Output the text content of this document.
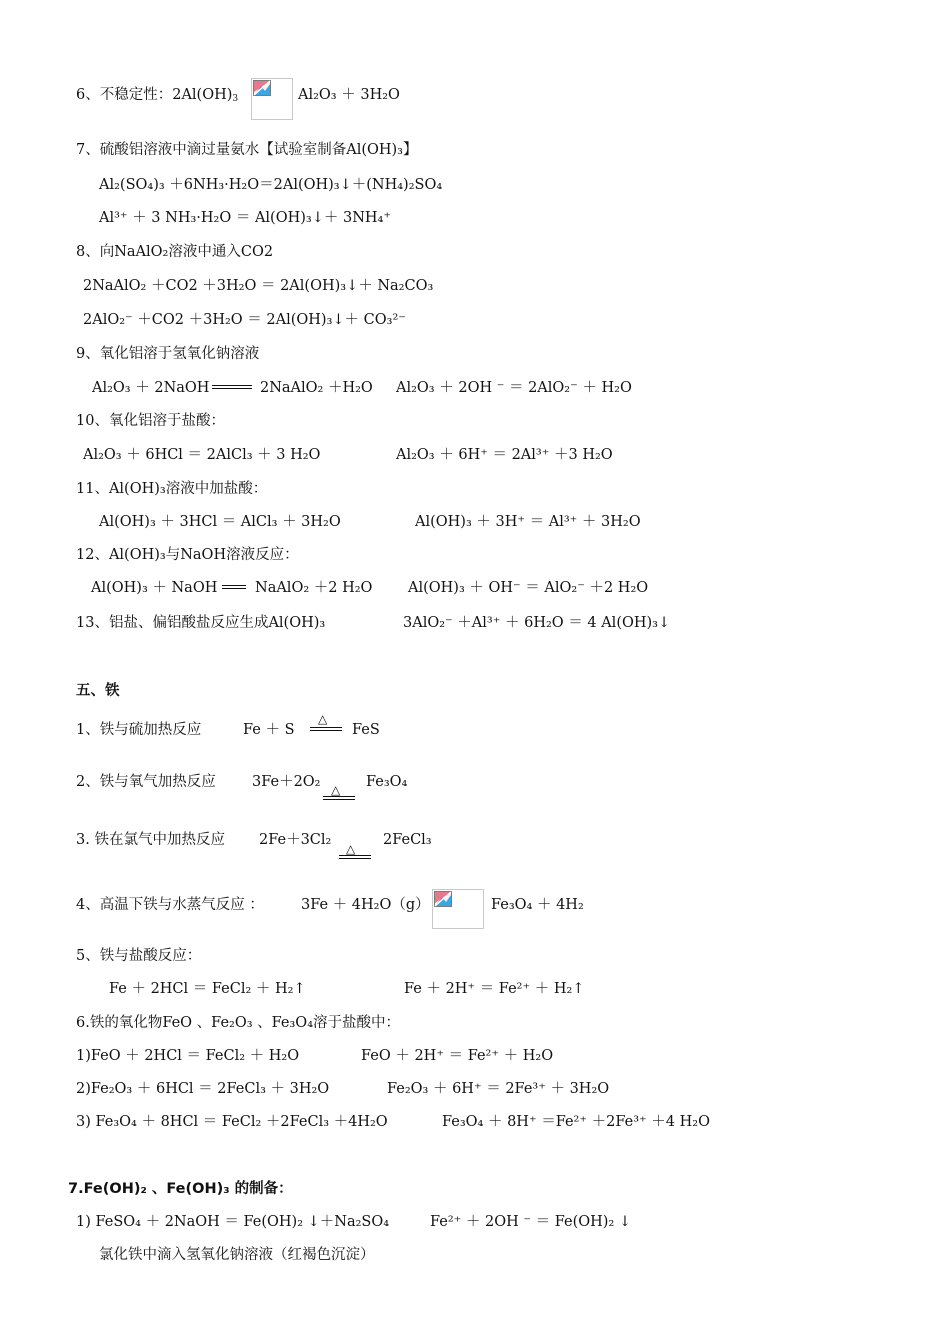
6、不稳定性：$2Al(OH)_3$	Al₂O₃ ＋ 3H₂O
7、硫酸铝溶液中滴过量氨水【试验室制备Al(OH)₃】
Al₂(SO₄)₃ ＋6NH₃·H₂O＝2Al(OH)₃↓＋(NH₄)₂SO₄
Al³⁺ ＋ 3 NH₃·H₂O ＝ Al(OH)₃↓＋ 3NH₄⁺
8、向NaAlO₂溶液中通入CO2
2NaAlO₂ ＋CO2 ＋3H₂O ＝ 2Al(OH)₃↓＋ Na₂CO₃
2AlO₂⁻ ＋CO2 ＋3H₂O ＝ 2Al(OH)₃↓＋ CO₃²⁻
9、氧化铝溶于氢氧化钠溶液
Al₂O₃ ＋ 2NaOH	2NaAlO₂ ＋H₂O Al₂O₃ ＋ 2OH ⁻ ＝ 2AlO₂⁻ ＋ H₂O
10、氧化铝溶于盐酸：
Al₂O₃ ＋ 6HCl ＝ 2AlCl₃ ＋ 3 H₂O	Al₂O₃ ＋ 6H⁺ ＝ 2Al³⁺ ＋3 H₂O
11、Al(OH)₃溶液中加盐酸：
Al(OH)₃ ＋ 3HCl ＝ AlCl₃ ＋ 3H₂O	Al(OH)₃ ＋ 3H⁺ ＝ Al³⁺ ＋ 3H₂O
12、Al(OH)₃与NaOH溶液反应：
Al(OH)₃ ＋ NaOH	NaAlO₂ ＋2 H₂O Al(OH)₃ ＋ OH⁻ ＝ AlO₂⁻ ＋2 H₂O
13、铝盐、偏铝酸盐反应生成Al(OH)₃	3AlO₂⁻ ＋Al³⁺ ＋ 6H₂O ＝ 4 Al(OH)₃↓
五、铁
1、铁与硫加热反应	Fe ＋ S
△
FeS
2、铁与氧气加热反应	3Fe＋2O₂ △ Fe₃O₄
3. 铁在氯气中加热反应 2Fe＋3Cl₂
△
2FeCl₃
4、高温下铁与水蒸气反应 ：	3Fe ＋ 4H₂O（g）	Fe₃O₄ ＋ 4H₂
5、铁与盐酸反应：
Fe ＋ 2HCl ＝ FeCl₂ ＋ H₂↑	Fe ＋ 2H⁺ ＝ Fe²⁺ ＋ H₂↑
6.铁的氧化物FeO 、Fe₂O₃ 、Fe₃O₄溶于盐酸中：
1)FeO ＋ 2HCl ＝ FeCl₂ ＋ H₂O	FeO ＋ 2H⁺ ＝ Fe²⁺ ＋ H₂O
2)Fe₂O₃ ＋ 6HCl ＝ 2FeCl₃ ＋ 3H₂O	Fe₂O₃ ＋ 6H⁺ ＝ 2Fe³⁺ ＋ 3H₂O
3) Fe₃O₄ ＋ 8HCl ＝ FeCl₂ ＋2FeCl₃ ＋4H₂O	Fe₃O₄ ＋ 8H⁺ ＝Fe²⁺ ＋2Fe³⁺ ＋4 H₂O
7.Fe(OH)₂ 、Fe(OH)₃ 的制备：
1) FeSO₄ ＋ 2NaOH ＝ Fe(OH)₂ ↓＋Na₂SO₄	Fe²⁺ ＋ 2OH ⁻ ＝ Fe(OH)₂ ↓
氯化铁中滴入氢氧化钠溶液（红褐色沉淀）
